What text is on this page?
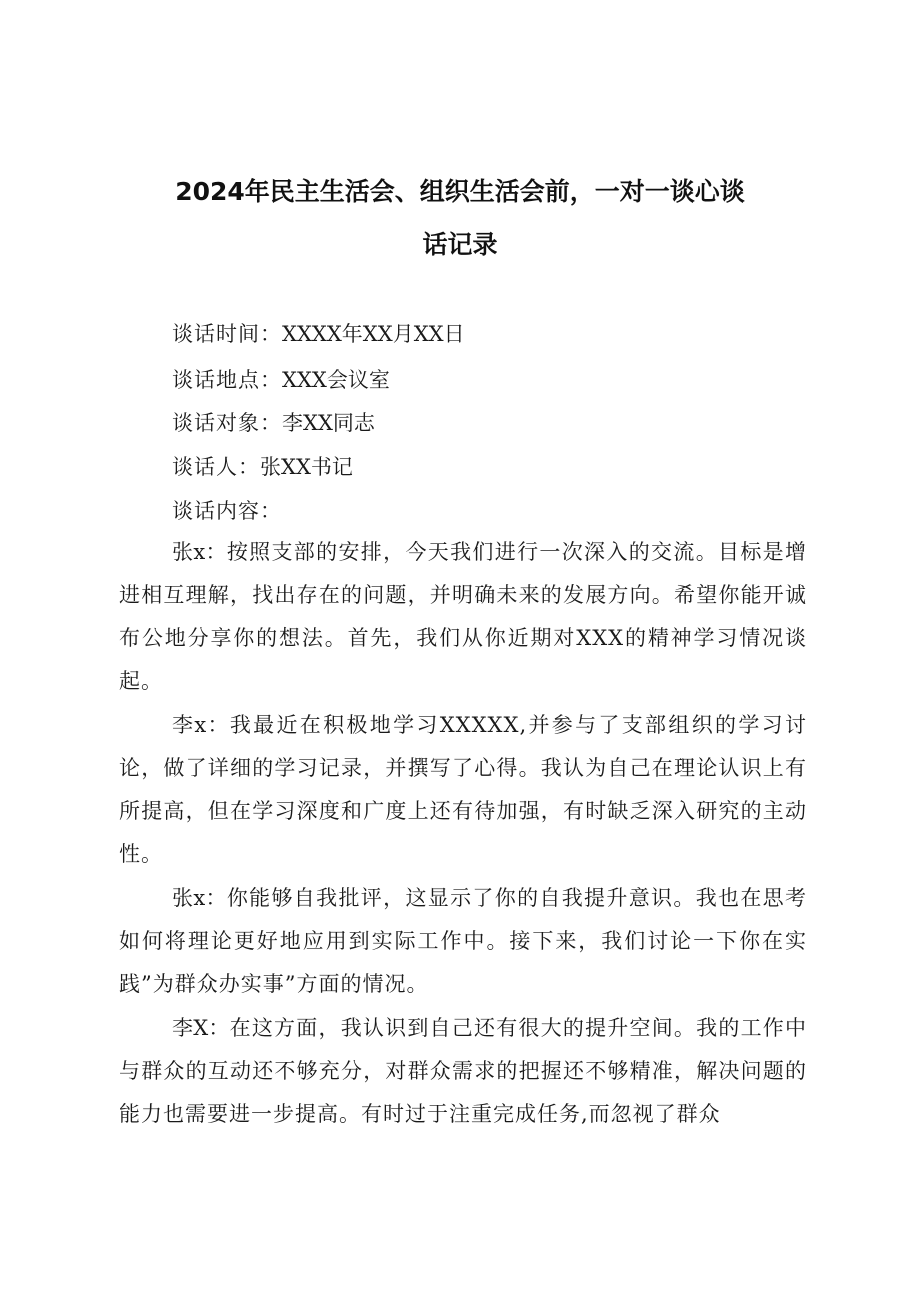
2024年民主生活会、组织生活会前，一对一谈心谈
话记录
谈话时间：XXXX年XX月XX日
谈话地点：XXX会议室
谈话对象：李XX同志
谈话人：张XX书记
谈话内容：
张x：按照支部的安排，今天我们进行一次深入的交流。目标是增进相互理解，找出存在的问题，并明确未来的发展方向。希望你能开诚布公地分享你的想法。首先，我们从你近期对XXX的精神学习情况谈起。
李x：我最近在积极地学习XXXXX,并参与了支部组织的学习讨论，做了详细的学习记录，并撰写了心得。我认为自己在理论认识上有所提高，但在学习深度和广度上还有待加强，有时缺乏深入研究的主动性。
张x：你能够自我批评，这显示了你的自我提升意识。我也在思考如何将理论更好地应用到实际工作中。接下来，我们讨论一下你在实践”为群众办实事”方面的情况。
李X：在这方面，我认识到自己还有很大的提升空间。我的工作中与群众的互动还不够充分，对群众需求的把握还不够精准，解决问题的能力也需要进一步提高。有时过于注重完成任务,而忽视了群众
